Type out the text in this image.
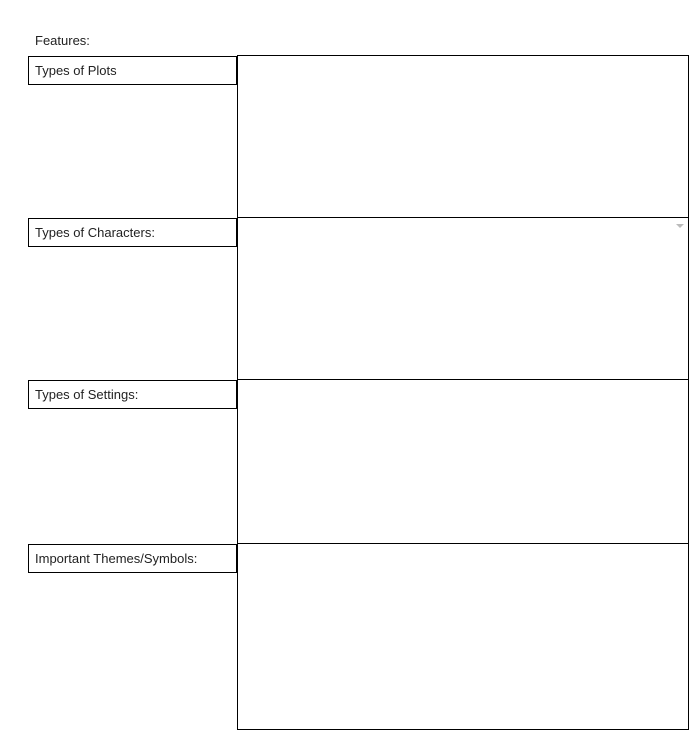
Features:
Types of Plots
Types of Characters:
Types of Settings:
Important Themes/Symbols:
